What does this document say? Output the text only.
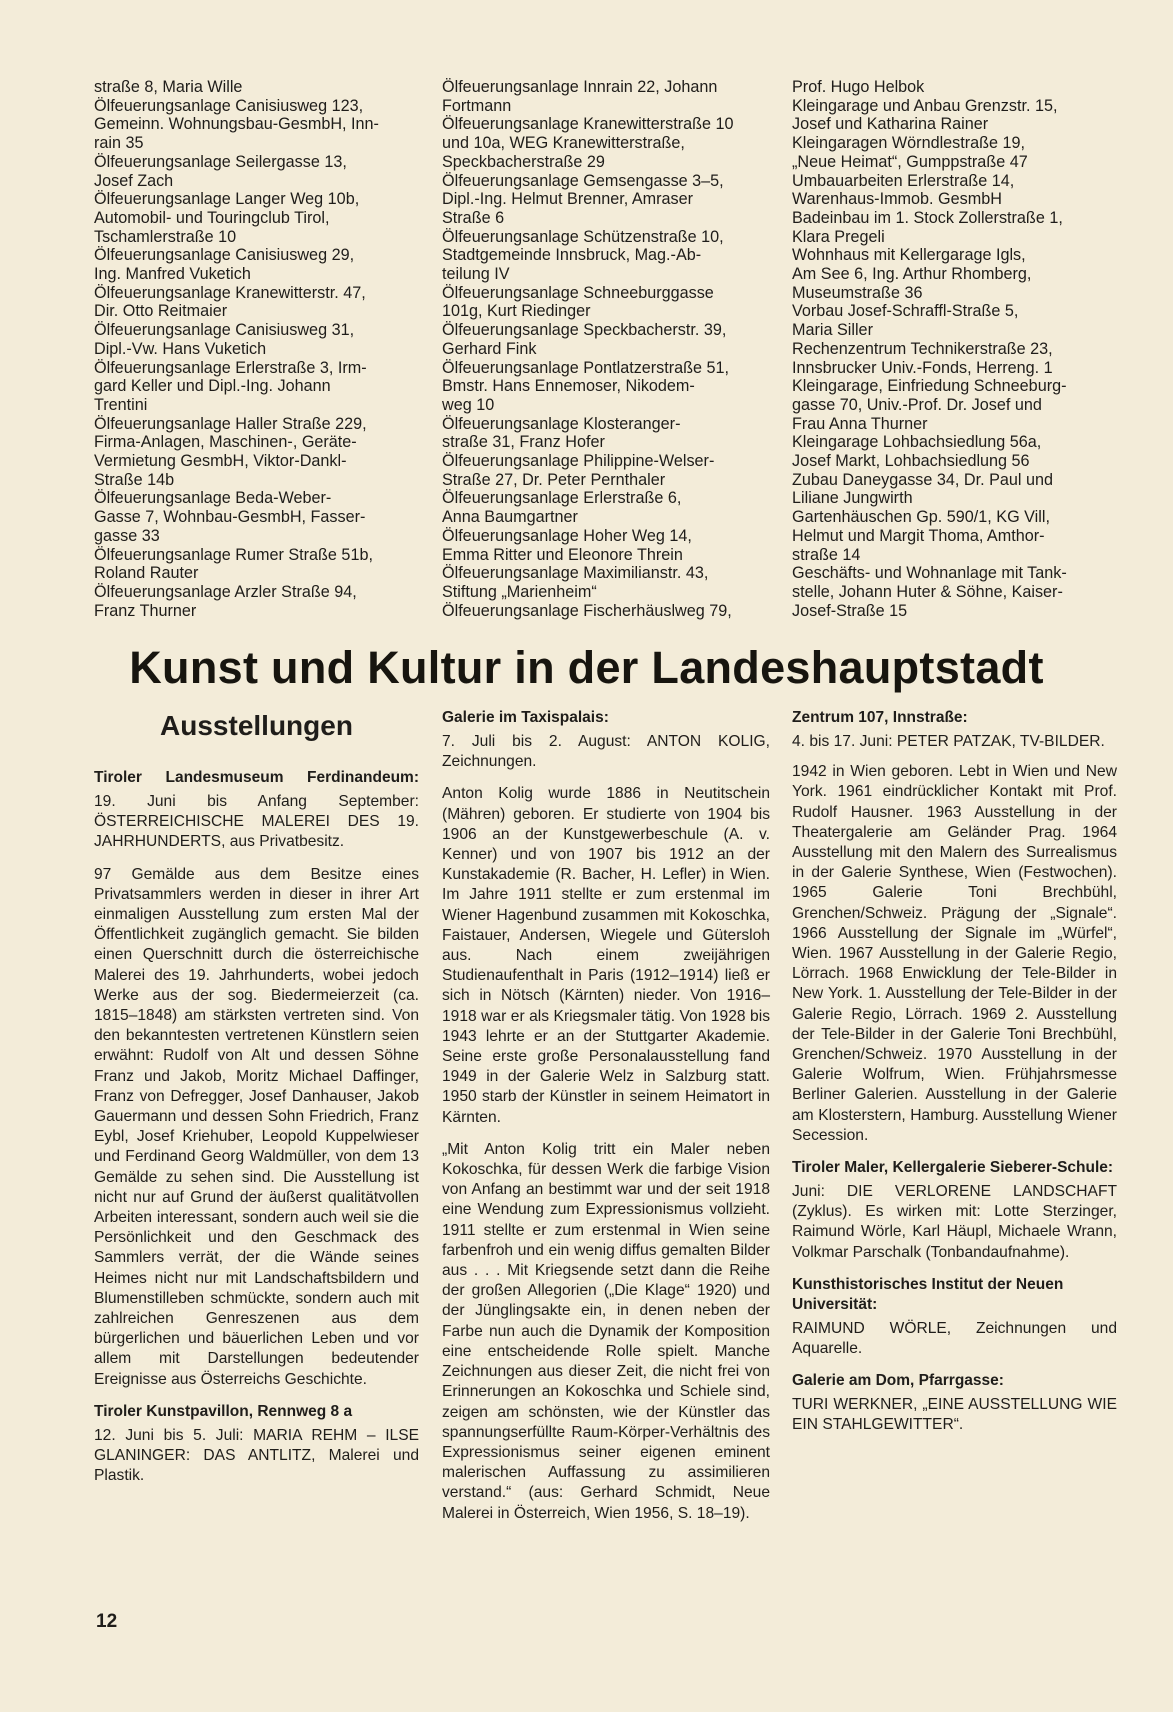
straße 8, Maria Wille
Ölfeuerungsanlage Canisiusweg 123,
Gemeinn. Wohnungsbau-GesmbH, Inn-
rain 35
Ölfeuerungsanlage Seilergasse 13,
Josef Zach
Ölfeuerungsanlage Langer Weg 10b,
Automobil- und Touringclub Tirol,
Tschamlerstraße 10
Ölfeuerungsanlage Canisiusweg 29,
Ing. Manfred Vuketich
Ölfeuerungsanlage Kranewitterstr. 47,
Dir. Otto Reitmaier
Ölfeuerungsanlage Canisiusweg 31,
Dipl.-Vw. Hans Vuketich
Ölfeuerungsanlage Erlerstraße 3, Irm-
gard Keller und Dipl.-Ing. Johann
Trentini
Ölfeuerungsanlage Haller Straße 229,
Firma-Anlagen, Maschinen-, Geräte-
Vermietung GesmbH, Viktor-Dankl-
Straße 14b
Ölfeuerungsanlage Beda-Weber-
Gasse 7, Wohnbau-GesmbH, Fasser-
gasse 33
Ölfeuerungsanlage Rumer Straße 51b,
Roland Rauter
Ölfeuerungsanlage Arzler Straße 94,
Franz Thurner
Ölfeuerungsanlage Innrain 22, Johann
Fortmann
Ölfeuerungsanlage Kranewitterstraße 10
und 10a, WEG Kranewitterstraße,
Speckbacherstraße 29
Ölfeuerungsanlage Gemsengasse 3–5,
Dipl.-Ing. Helmut Brenner, Amraser
Straße 6
Ölfeuerungsanlage Schützenstraße 10,
Stadtgemeinde Innsbruck, Mag.-Ab-
teilung IV
Ölfeuerungsanlage Schneeburggasse
101g, Kurt Riedinger
Ölfeuerungsanlage Speckbacherstr. 39,
Gerhard Fink
Ölfeuerungsanlage Pontlatzerstraße 51,
Bmstr. Hans Ennemoser, Nikodem-
weg 10
Ölfeuerungsanlage Klosteranger-
straße 31, Franz Hofer
Ölfeuerungsanlage Philippine-Welser-
Straße 27, Dr. Peter Pernthaler
Ölfeuerungsanlage Erlerstraße 6,
Anna Baumgartner
Ölfeuerungsanlage Hoher Weg 14,
Emma Ritter und Eleonore Threin
Ölfeuerungsanlage Maximilianstr. 43,
Stiftung „Marienheim“
Ölfeuerungsanlage Fischerhäuslweg 79,
Prof. Hugo Helbok
Kleingarage und Anbau Grenzstr. 15,
Josef und Katharina Rainer
Kleingaragen Wörndlestraße 19,
„Neue Heimat“, Gumppstraße 47
Umbauarbeiten Erlerstraße 14,
Warenhaus-Immob. GesmbH
Badeinbau im 1. Stock Zollerstraße 1,
Klara Pregeli
Wohnhaus mit Kellergarage Igls,
Am See 6, Ing. Arthur Rhomberg,
Museumstraße 36
Vorbau Josef-Schraffl-Straße 5,
Maria Siller
Rechenzentrum Technikerstraße 23,
Innsbrucker Univ.-Fonds, Herreng. 1
Kleingarage, Einfriedung Schneeburg-
gasse 70, Univ.-Prof. Dr. Josef und
Frau Anna Thurner
Kleingarage Lohbachsiedlung 56a,
Josef Markt, Lohbachsiedlung 56
Zubau Daneygasse 34, Dr. Paul und
Liliane Jungwirth
Gartenhäuschen Gp. 590/1, KG Vill,
Helmut und Margit Thoma, Amthor-
straße 14
Geschäfts- und Wohnanlage mit Tank-
stelle, Johann Huter & Söhne, Kaiser-
Josef-Straße 15
Kunst und Kultur in der Landeshauptstadt
Ausstellungen
Tiroler Landesmuseum Ferdinandeum:

19. Juni bis Anfang September: ÖSTERREICHISCHE MALEREI DES 19. JAHRHUNDERTS, aus Privatbesitz.

97 Gemälde aus dem Besitze eines Privatsammlers werden in dieser in ihrer Art einmaligen Ausstellung zum ersten Mal der Öffentlichkeit zugänglich gemacht. Sie bilden einen Querschnitt durch die österreichische Malerei des 19. Jahrhunderts, wobei jedoch Werke aus der sog. Biedermeierzeit (ca. 1815–1848) am stärksten vertreten sind. Von den bekanntesten vertretenen Künstlern seien erwähnt: Rudolf von Alt und dessen Söhne Franz und Jakob, Moritz Michael Daffinger, Franz von Defregger, Josef Danhauser, Jakob Gauermann und dessen Sohn Friedrich, Franz Eybl, Josef Kriehuber, Leopold Kuppelwieser und Ferdinand Georg Waldmüller, von dem 13 Gemälde zu sehen sind. Die Ausstellung ist nicht nur auf Grund der äußerst qualitätvollen Arbeiten interessant, sondern auch weil sie die Persönlichkeit und den Geschmack des Sammlers verrät, der die Wände seines Heimes nicht nur mit Landschaftsbildern und Blumenstilleben schmückte, sondern auch mit zahlreichen Genreszenen aus dem bürgerlichen und bäuerlichen Leben und vor allem mit Darstellungen bedeutender Ereignisse aus Österreichs Geschichte.

Tiroler Kunstpavillon, Rennweg 8 a

12. Juni bis 5. Juli: MARIA REHM – ILSE GLANINGER: DAS ANTLITZ, Malerei und Plastik.

Galerie im Taxispalais:

7. Juli bis 2. August: ANTON KOLIG, Zeichnungen.

Anton Kolig wurde 1886 in Neutitschein (Mähren) geboren. Er studierte von 1904 bis 1906 an der Kunstgewerbeschule (A. v. Kenner) und von 1907 bis 1912 an der Kunstakademie (R. Bacher, H. Lefler) in Wien. Im Jahre 1911 stellte er zum erstenmal im Wiener Hagenbund zusammen mit Kokoschka, Faistauer, Andersen, Wiegele und Gütersloh aus. Nach einem zweijährigen Studienaufenthalt in Paris (1912–1914) ließ er sich in Nötsch (Kärnten) nieder. Von 1916–1918 war er als Kriegsmaler tätig. Von 1928 bis 1943 lehrte er an der Stuttgarter Akademie. Seine erste große Personalausstellung fand 1949 in der Galerie Welz in Salzburg statt. 1950 starb der Künstler in seinem Heimatort in Kärnten.

„Mit Anton Kolig tritt ein Maler neben Kokoschka, für dessen Werk die farbige Vision von Anfang an bestimmt war und der seit 1918 eine Wendung zum Expressionismus vollzieht. 1911 stellte er zum erstenmal in Wien seine farbenfroh und ein wenig diffus gemalten Bilder aus . . . Mit Kriegsende setzt dann die Reihe der großen Allegorien („Die Klage“ 1920) und der Jünglingsakte ein, in denen neben der Farbe nun auch die Dynamik der Komposition eine entscheidende Rolle spielt. Manche Zeichnungen aus dieser Zeit, die nicht frei von Erinnerungen an Kokoschka und Schiele sind, zeigen am schönsten, wie der Künstler das spannungserfüllte Raum-Körper-Verhältnis des Expressionismus seiner eigenen eminent malerischen Auffassung zu assimilieren verstand.“ (aus: Gerhard Schmidt, Neue Malerei in Österreich, Wien 1956, S. 18–19).

Zentrum 107, Innstraße:

4. bis 17. Juni: PETER PATZAK, TV-BILDER.

1942 in Wien geboren. Lebt in Wien und New York. 1961 eindrücklicher Kontakt mit Prof. Rudolf Hausner. 1963 Ausstellung in der Theatergalerie am Geländer Prag. 1964 Ausstellung mit den Malern des Surrealismus in der Galerie Synthese, Wien (Festwochen). 1965 Galerie Toni Brechbühl, Grenchen/Schweiz. Prägung der „Signale“. 1966 Ausstellung der Signale im „Würfel“, Wien. 1967 Ausstellung in der Galerie Regio, Lörrach. 1968 Enwicklung der Tele-Bilder in New York. 1. Ausstellung der Tele-Bilder in der Galerie Regio, Lörrach. 1969 2. Ausstellung der Tele-Bilder in der Galerie Toni Brechbühl, Grenchen/Schweiz. 1970 Ausstellung in der Galerie Wolfrum, Wien. Frühjahrsmesse Berliner Galerien. Ausstellung in der Galerie am Klosterstern, Hamburg. Ausstellung Wiener Secession.

Tiroler Maler, Kellergalerie Sieberer-Schule:

Juni: DIE VERLORENE LANDSCHAFT (Zyklus). Es wirken mit: Lotte Sterzinger, Raimund Wörle, Karl Häupl, Michaele Wrann, Volkmar Parschalk (Tonbandaufnahme).

Kunsthistorisches Institut der Neuen Universität:

RAIMUND WÖRLE, Zeichnungen und Aquarelle.

Galerie am Dom, Pfarrgasse:

TURI WERKNER, „EINE AUSSTELLUNG WIE EIN STAHLGEWITTER“.

12
